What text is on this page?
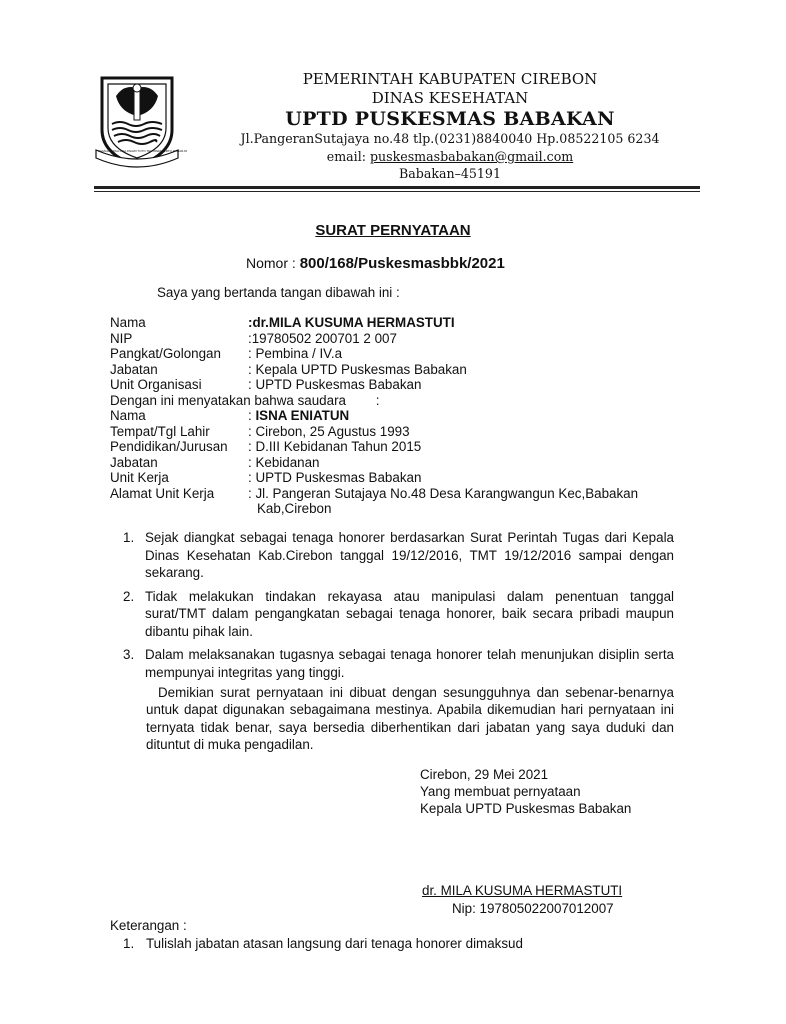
GEMAH RIPAH LOH JINAWI TOTO TENTREM KERTO RAHARJO
PEMERINTAH KABUPATEN CIREBON
DINAS KESEHATAN
UPTD PUSKESMAS BABAKAN
Jl.PangeranSutajaya no.48 tlp.(0231)8840040 Hp.08522105 6234
email: puskesmasbabakan@gmail.com
Babakan–45191
SURAT PERNYATAAN
Nomor : 800/168/Puskesmasbbk/2021
Saya yang bertanda tangan dibawah ini :
Nama	:dr.MILA KUSUMA HERMASTUTI
NIP	:19780502 200701 2 007
Pangkat/Golongan : Pembina / IV.a
Jabatan	: Kepala UPTD Puskesmas Babakan
Unit Organisasi	: UPTD Puskesmas Babakan
Dengan ini menyatakan bahwa saudara        :
Nama	: ISNA ENIATUN
Tempat/Tgl Lahir	: Cirebon, 25 Agustus 1993
Pendidikan/Jurusan : D.III Kebidanan Tahun 2015
Jabatan	: Kebidanan
Unit Kerja	: UPTD Puskesmas Babakan
Alamat Unit Kerja	: Jl. Pangeran Sutajaya No.48 Desa Karangwangun Kec,Babakan
Kab,Cirebon
1. Sejak diangkat sebagai tenaga honorer berdasarkan Surat Perintah Tugas dari Kepala Dinas Kesehatan Kab.Cirebon tanggal 19/12/2016, TMT 19/12/2016 sampai dengan sekarang.
2. Tidak melakukan tindakan rekayasa atau manipulasi dalam penentuan tanggal surat/TMT dalam pengangkatan sebagai tenaga honorer, baik secara pribadi maupun dibantu pihak lain.
3. Dalam melaksanakan tugasnya sebagai tenaga honorer telah menunjukan disiplin serta mempunyai integritas yang tinggi.
Demikian surat pernyataan ini dibuat dengan sesungguhnya dan sebenar-benarnya untuk dapat digunakan sebagaimana mestinya. Apabila dikemudian hari pernyataan ini ternyata tidak benar, saya bersedia diberhentikan dari jabatan yang saya duduki dan dituntut di muka pengadilan.
Cirebon, 29 Mei 2021
Yang membuat pernyataan
Kepala UPTD Puskesmas Babakan
dr. MILA KUSUMA HERMASTUTI
Nip: 197805022007012007
Keterangan :
1. Tulislah jabatan atasan langsung dari tenaga honorer dimaksud
